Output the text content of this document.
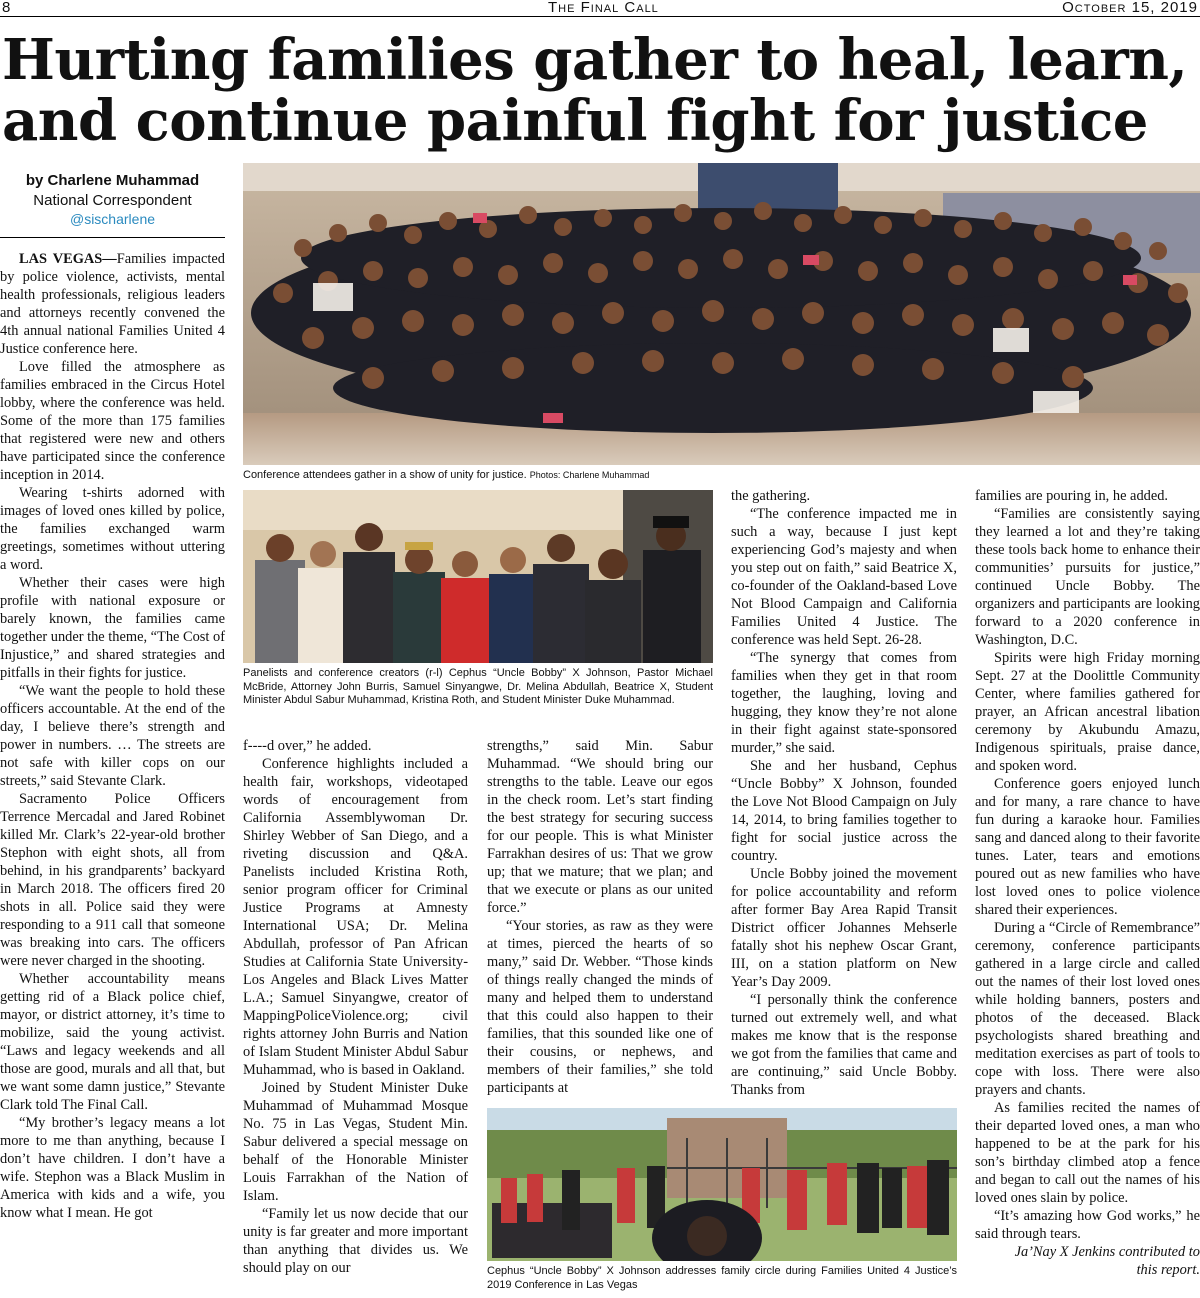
8	The Final Call	October 15, 2019
Hurting families gather to heal, learn, and continue painful fight for justice
by Charlene Muhammad
National Correspondent
@sischarlene
Conference attendees gather in a show of unity for justice. Photos: Charlene Muhammad
Panelists and conference creators (r-l) Cephus “Uncle Bobby” X Johnson, Pastor Michael McBride, Attorney John Burris, Samuel Sinyangwe, Dr. Melina Abdullah, Beatrice X, Student Minister Abdul Sabur Muhammad, Kristina Roth, and Student Minister Duke Muhammad.
Cephus “Uncle Bobby” X Johnson addresses family circle during Families United 4 Justice’s 2019 Conference in Las Vegas

LAS VEGAS—Families impacted by police violence, activists, mental health professionals, religious leaders and attorneys recently convened the 4th annual national Families United 4 Justice conference here.

Love filled the atmosphere as families embraced in the Circus Hotel lobby, where the conference was held. Some of the more than 175 families that registered were new and others have participated since the conference inception in 2014.

Wearing t-shirts adorned with images of loved ones killed by police, the families exchanged warm greetings, sometimes without uttering a word.

Whether their cases were high profile with national exposure or barely known, the families came together under the theme, “The Cost of Injustice,” and shared strategies and pitfalls in their fights for justice.

“We want the people to hold these officers accountable. At the end of the day, I believe there’s strength and power in numbers. … The streets are not safe with killer cops on our streets,” said Stevante Clark.

Sacramento Police Officers Terrence Mercadal and Jared Robinet killed Mr. Clark’s 22-year-old brother Stephon with eight shots, all from behind, in his grandparents’ backyard in March 2018. The officers fired 20 shots in all. Police said they were responding to a 911 call that someone was breaking into cars. The officers were never charged in the shooting.

Whether accountability means getting rid of a Black police chief, mayor, or district attorney, it’s time to mobilize, said the young activist. “Laws and legacy weekends and all those are good, murals and all that, but we want some damn justice,” Stevante Clark told The Final Call.

“My brother’s legacy means a lot more to me than anything, because I don’t have children. I don’t have a wife. Stephon was a Black Muslim in America with kids and a wife, you know what I mean. He got

f----d over,” he added.

Conference highlights included a health fair, workshops, videotaped words of encouragement from California Assemblywoman Dr. Shirley Webber of San Diego, and a riveting discussion and Q&A. Panelists included Kristina Roth, senior program officer for Criminal Justice Programs at Amnesty International USA; Dr. Melina Abdullah, professor of Pan African Studies at California State University-Los Angeles and Black Lives Matter L.A.; Samuel Sinyangwe, creator of MappingPoliceViolence.org; civil rights attorney John Burris and Nation of Islam Student Minister Abdul Sabur Muhammad, who is based in Oakland.

Joined by Student Minister Duke Muhammad of Muhammad Mosque No. 75 in Las Vegas, Student Min. Sabur delivered a special message on behalf of the Honorable Minister Louis Farrakhan of the Nation of Islam.

“Family let us now decide that our unity is far greater and more important than anything that divides us. We should play on our

strengths,” said Min. Sabur Muhammad. “We should bring our strengths to the table. Leave our egos in the check room. Let’s start finding the best strategy for securing success for our people. This is what Minister Farrakhan desires of us: That we grow up; that we mature; that we plan; and that we execute or plans as our united force.”

“Your stories, as raw as they were at times, pierced the hearts of so many,” said Dr. Webber. “Those kinds of things really changed the minds of many and helped them to understand that this could also happen to their families, that this sounded like one of their cousins, or nephews, and members of their families,” she told participants at

the gathering.

“The conference impacted me in such a way, because I just kept experiencing God’s majesty and when you step out on faith,” said Beatrice X, co-founder of the Oakland-based Love Not Blood Campaign and California Families United 4 Justice. The conference was held Sept. 26-28.

“The synergy that comes from families when they get in that room together, the laughing, loving and hugging, they know they’re not alone in their fight against state-sponsored murder,” she said.

She and her husband, Cephus “Uncle Bobby” X Johnson, founded the Love Not Blood Campaign on July 14, 2014, to bring families together to fight for social justice across the country.

Uncle Bobby joined the movement for police accountability and reform after former Bay Area Rapid Transit District officer Johannes Mehserle fatally shot his nephew Oscar Grant, III, on a station platform on New Year’s Day 2009.

“I personally think the conference turned out extremely well, and what makes me know that is the response we got from the families that came and are continuing,” said Uncle Bobby. Thanks from

families are pouring in, he added.

“Families are consistently saying they learned a lot and they’re taking these tools back home to enhance their communities’ pursuits for justice,” continued Uncle Bobby. The organizers and participants are looking forward to a 2020 conference in Washington, D.C.

Spirits were high Friday morning Sept. 27 at the Doolittle Community Center, where families gathered for prayer, an African ancestral libation ceremony by Akubundu Amazu, Indigenous spirituals, praise dance, and spoken word.

Conference goers enjoyed lunch and for many, a rare chance to have fun during a karaoke hour. Families sang and danced along to their favorite tunes. Later, tears and emotions poured out as new families who have lost loved ones to police violence shared their experiences.

During a “Circle of Remembrance” ceremony, conference participants gathered in a large circle and called out the names of their lost loved ones while holding banners, posters and photos of the deceased. Black psychologists shared breathing and meditation exercises as part of tools to cope with loss. There were also prayers and chants.

As families recited the names of their departed loved ones, a man who happened to be at the park for his son’s birthday climbed atop a fence and began to call out the names of his loved ones slain by police.

“It’s amazing how God works,” he said through tears.

Ja’Nay X Jenkins contributed to this report.
